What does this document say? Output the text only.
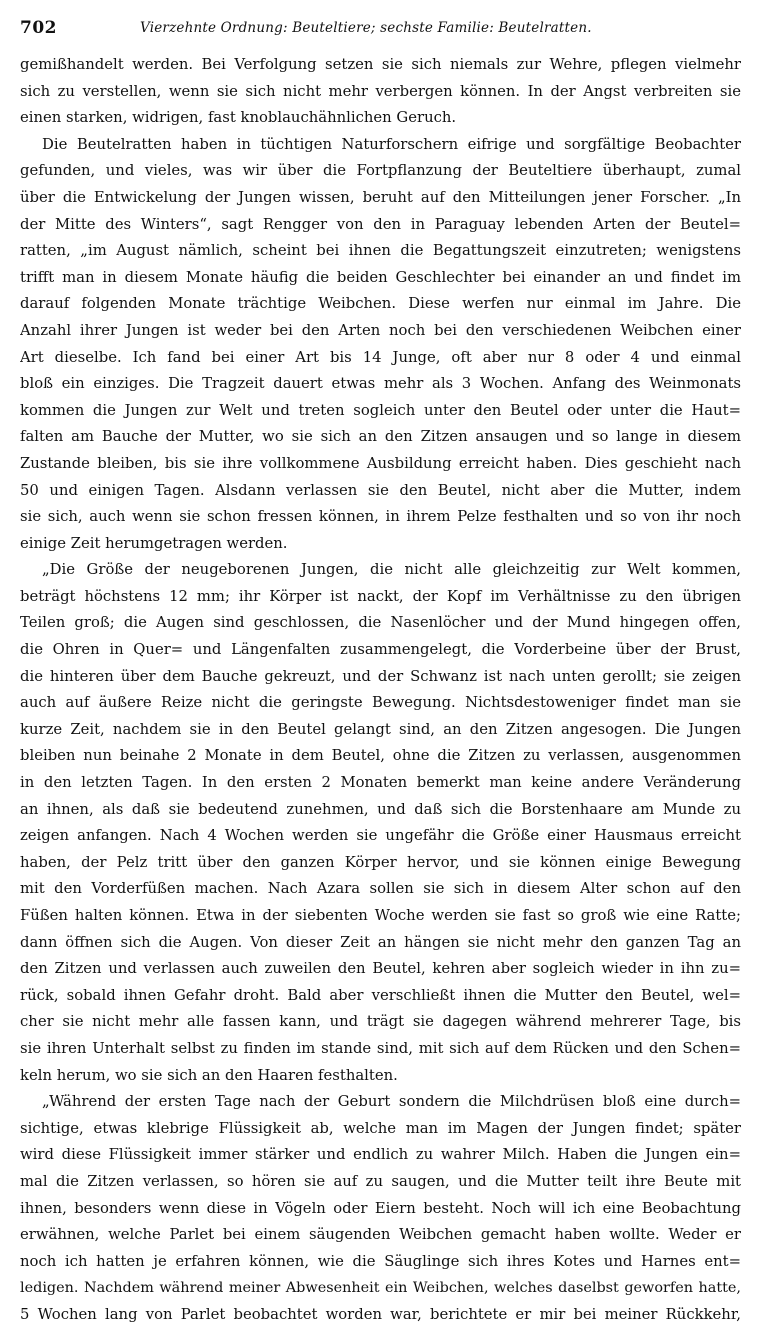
702	Vierzehnte Ordnung: Beuteltiere; sechste Familie: Beutelratten.
gemißhandelt werden. Bei Verfolgung setzen sie sich niemals zur Wehre, pflegen vielmehr
sich zu verstellen, wenn sie sich nicht mehr verbergen können. In der Angst verbreiten sie
einen starken, widrigen, fast knoblauchähnlichen Geruch.
Die Beutelratten haben in tüchtigen Naturforschern eifrige und sorgfältige Beobachter
gefunden, und vieles, was wir über die Fortpflanzung der Beuteltiere überhaupt, zumal
über die Entwickelung der Jungen wissen, beruht auf den Mitteilungen jener Forscher. „In
der Mitte des Winters“, sagt Rengger von den in Paraguay lebenden Arten der Beutel=
ratten, „im August nämlich, scheint bei ihnen die Begattungszeit einzutreten; wenigstens
trifft man in diesem Monate häufig die beiden Geschlechter bei einander an und findet im
darauf folgenden Monate trächtige Weibchen. Diese werfen nur einmal im Jahre. Die
Anzahl ihrer Jungen ist weder bei den Arten noch bei den verschiedenen Weibchen einer
Art dieselbe. Ich fand bei einer Art bis 14 Junge, oft aber nur 8 oder 4 und einmal
bloß ein einziges. Die Tragzeit dauert etwas mehr als 3 Wochen. Anfang des Weinmonats
kommen die Jungen zur Welt und treten sogleich unter den Beutel oder unter die Haut=
falten am Bauche der Mutter, wo sie sich an den Zitzen ansaugen und so lange in diesem
Zustande bleiben, bis sie ihre vollkommene Ausbildung erreicht haben. Dies geschieht nach
50 und einigen Tagen. Alsdann verlassen sie den Beutel, nicht aber die Mutter, indem
sie sich, auch wenn sie schon fressen können, in ihrem Pelze festhalten und so von ihr noch
einige Zeit herumgetragen werden.
„Die Größe der neugeborenen Jungen, die nicht alle gleichzeitig zur Welt kommen,
beträgt höchstens 12 mm; ihr Körper ist nackt, der Kopf im Verhältnisse zu den übrigen
Teilen groß; die Augen sind geschlossen, die Nasenlöcher und der Mund hingegen offen,
die Ohren in Quer= und Längenfalten zusammengelegt, die Vorderbeine über der Brust,
die hinteren über dem Bauche gekreuzt, und der Schwanz ist nach unten gerollt; sie zeigen
auch auf äußere Reize nicht die geringste Bewegung. Nichtsdestoweniger findet man sie
kurze Zeit, nachdem sie in den Beutel gelangt sind, an den Zitzen angesogen. Die Jungen
bleiben nun beinahe 2 Monate in dem Beutel, ohne die Zitzen zu verlassen, ausgenommen
in den letzten Tagen. In den ersten 2 Monaten bemerkt man keine andere Veränderung
an ihnen, als daß sie bedeutend zunehmen, und daß sich die Borstenhaare am Munde zu
zeigen anfangen. Nach 4 Wochen werden sie ungefähr die Größe einer Hausmaus erreicht
haben, der Pelz tritt über den ganzen Körper hervor, und sie können einige Bewegung
mit den Vorderfüßen machen. Nach Azara sollen sie sich in diesem Alter schon auf den
Füßen halten können. Etwa in der siebenten Woche werden sie fast so groß wie eine Ratte;
dann öffnen sich die Augen. Von dieser Zeit an hängen sie nicht mehr den ganzen Tag an
den Zitzen und verlassen auch zuweilen den Beutel, kehren aber sogleich wieder in ihn zu=
rück, sobald ihnen Gefahr droht. Bald aber verschließt ihnen die Mutter den Beutel, wel=
cher sie nicht mehr alle fassen kann, und trägt sie dagegen während mehrerer Tage, bis
sie ihren Unterhalt selbst zu finden im stande sind, mit sich auf dem Rücken und den Schen=
keln herum, wo sie sich an den Haaren festhalten.
„Während der ersten Tage nach der Geburt sondern die Milchdrüsen bloß eine durch=
sichtige, etwas klebrige Flüssigkeit ab, welche man im Magen der Jungen findet; später
wird diese Flüssigkeit immer stärker und endlich zu wahrer Milch. Haben die Jungen ein=
mal die Zitzen verlassen, so hören sie auf zu saugen, und die Mutter teilt ihre Beute mit
ihnen, besonders wenn diese in Vögeln oder Eiern besteht. Noch will ich eine Beobachtung
erwähnen, welche Parlet bei einem säugenden Weibchen gemacht haben wollte. Weder er
noch ich hatten je erfahren können, wie die Säuglinge sich ihres Kotes und Harnes ent=
ledigen. Nachdem während meiner Abwesenheit ein Weibchen, welches daselbst geworfen hatte,
5 Wochen lang von Parlet beobachtet worden war, berichtete er mir bei meiner Rückkehr,
